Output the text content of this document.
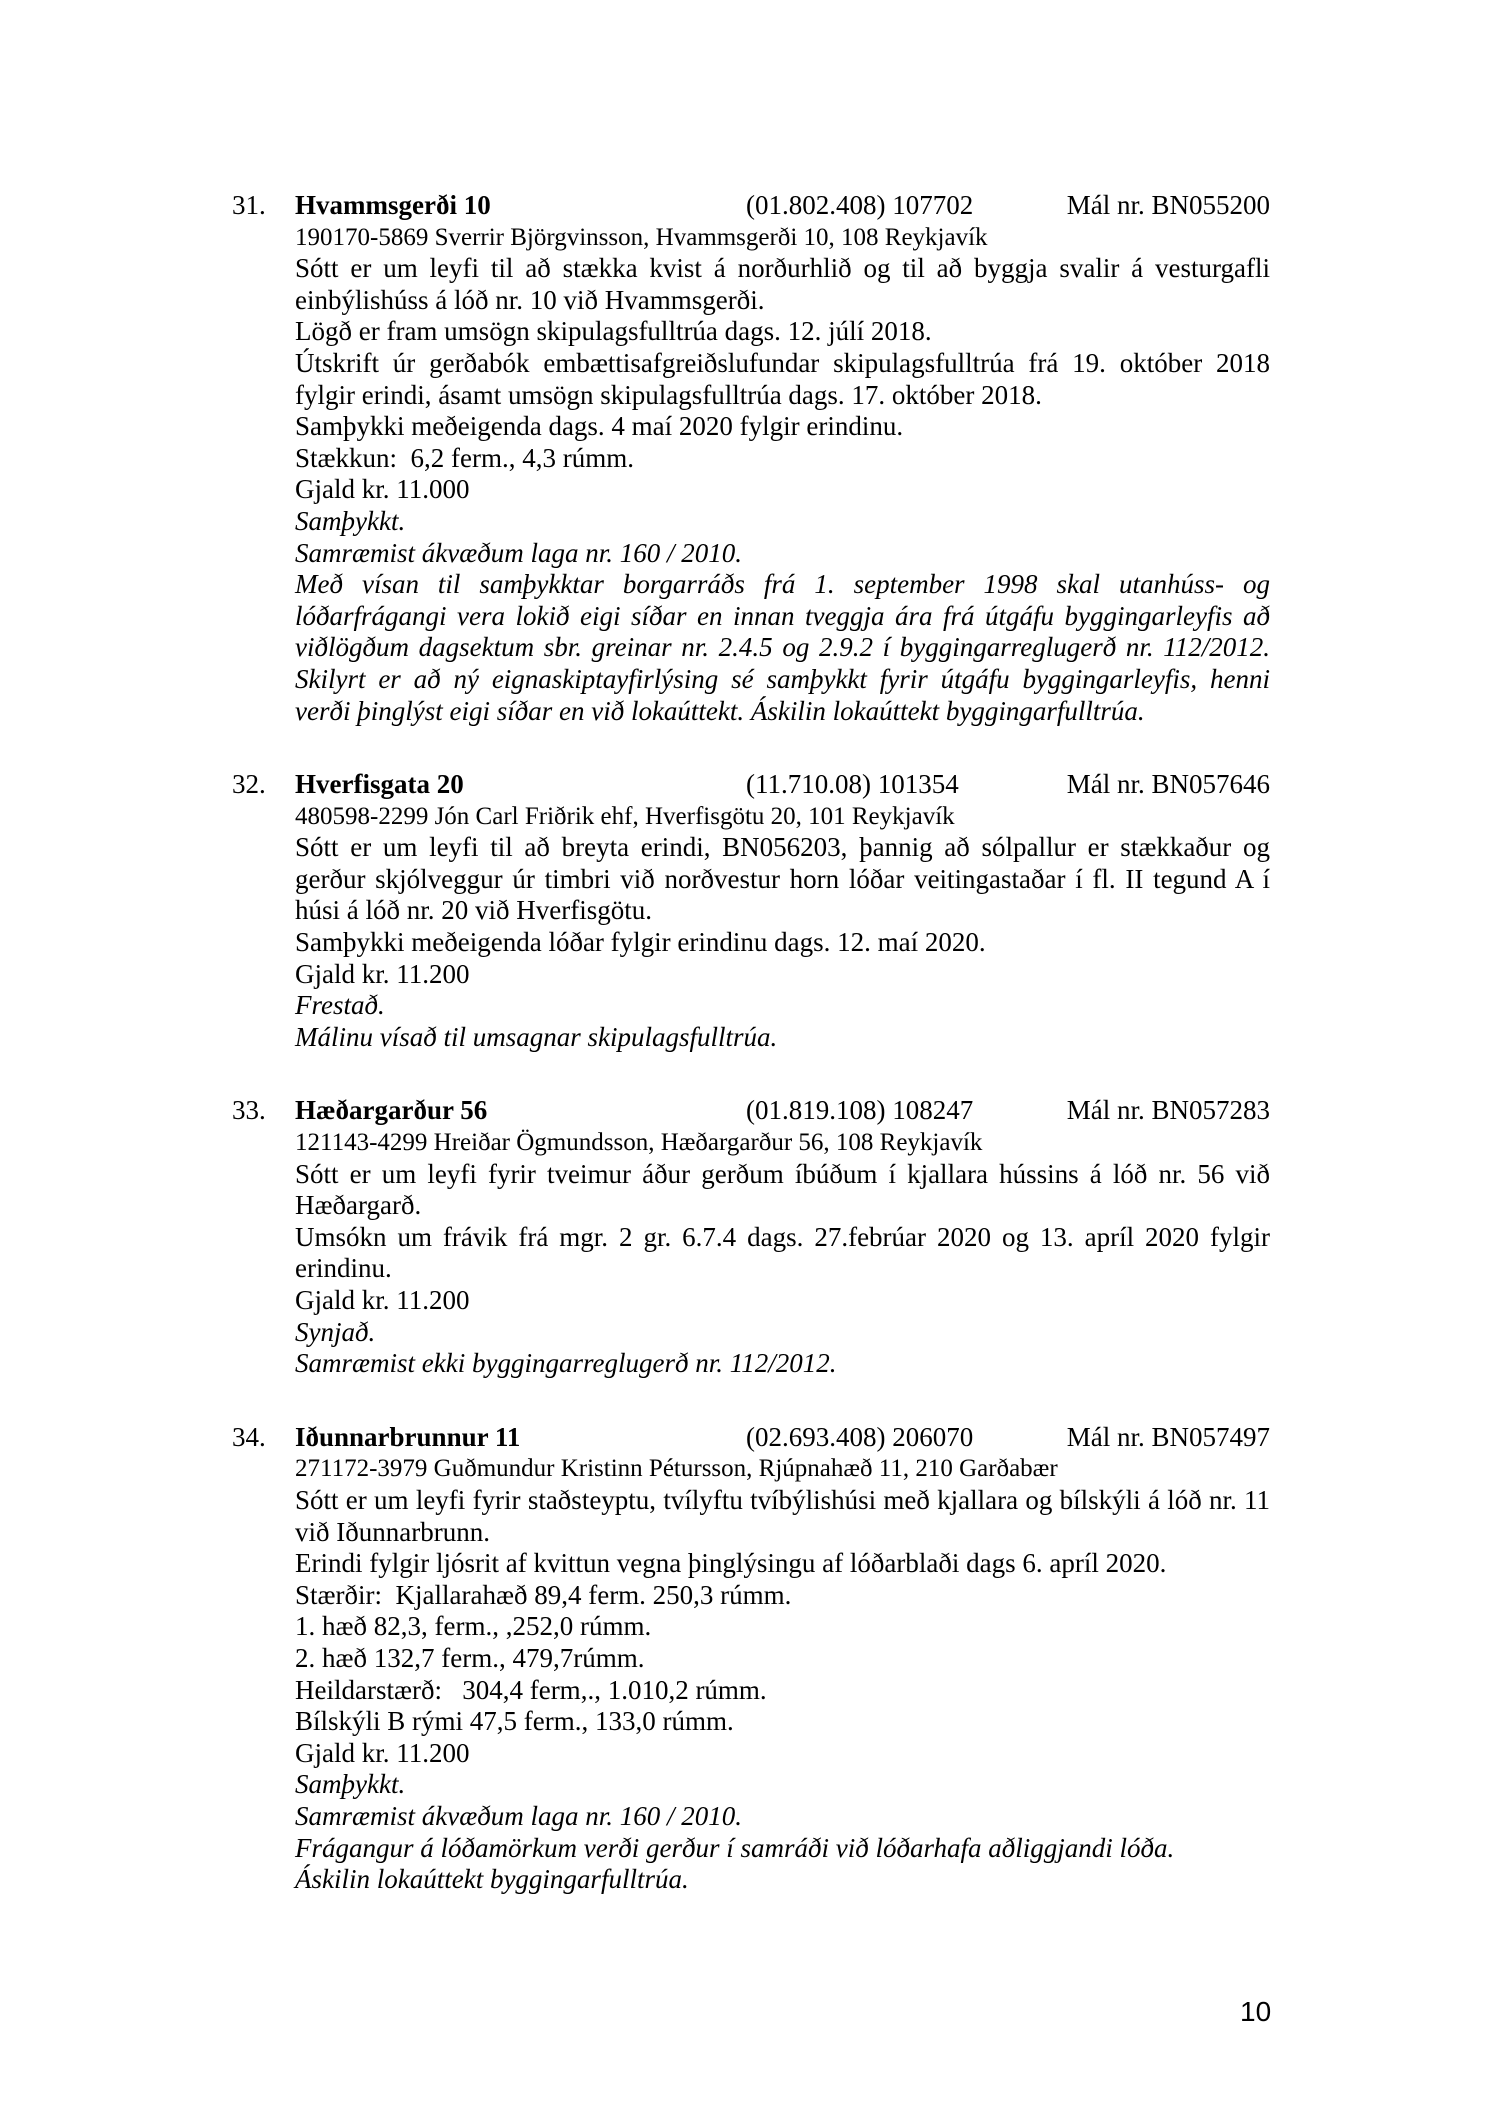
31. Hvammsgerði 10	(01.802.408) 107702	Mál nr. BN055200

190170-5869 Sverrir Björgvinsson, Hvammsgerði 10, 108 Reykjavík

Sótt er um leyfi til að stækka kvist á norðurhlið og til að byggja svalir á vesturgafli einbýlishúss á lóð nr. 10 við Hvammsgerði.

Lögð er fram umsögn skipulagsfulltrúa dags. 12. júlí 2018.

Útskrift úr gerðabók embættisafgreiðslufundar skipulagsfulltrúa frá 19. október 2018 fylgir erindi, ásamt umsögn skipulagsfulltrúa dags. 17. október 2018.

Samþykki meðeigenda dags. 4 maí 2020 fylgir erindinu.

Stækkun:  6,2 ferm., 4,3 rúmm.

Gjald kr. 11.000

Samþykkt.

Samræmist ákvæðum laga nr. 160 / 2010.

Með vísan til samþykktar borgarráðs frá 1. september 1998 skal utanhúss- og lóðarfrágangi vera lokið eigi síðar en innan tveggja ára frá útgáfu byggingarleyfis að viðlögðum dagsektum sbr. greinar nr. 2.4.5 og 2.9.2 í byggingarreglugerð nr. 112/2012. Skilyrt er að ný eignaskiptayfirlýsing sé samþykkt fyrir útgáfu byggingarleyfis, henni verði þinglýst eigi síðar en við lokaúttekt. Áskilin lokaúttekt byggingarfulltrúa.

32. Hverfisgata 20	(11.710.08) 101354	Mál nr. BN057646

480598-2299 Jón Carl Friðrik ehf, Hverfisgötu 20, 101 Reykjavík

Sótt er um leyfi til að breyta erindi, BN056203, þannig að sólpallur er stækkaður og gerður skjólveggur úr timbri við norðvestur horn lóðar veitingastaðar í fl. II tegund A í húsi á lóð nr. 20 við Hverfisgötu.

Samþykki meðeigenda lóðar fylgir erindinu dags. 12. maí 2020.

Gjald kr. 11.200

Frestað.

Málinu vísað til umsagnar skipulagsfulltrúa.

33. Hæðargarður 56	(01.819.108) 108247	Mál nr. BN057283

121143-4299 Hreiðar Ögmundsson, Hæðargarður 56, 108 Reykjavík

Sótt er um leyfi fyrir tveimur áður gerðum íbúðum í kjallara hússins á lóð nr. 56 við Hæðargarð.

Umsókn um frávik frá mgr. 2 gr. 6.7.4 dags. 27.febrúar 2020 og 13. apríl 2020 fylgir erindinu.

Gjald kr. 11.200

Synjað.

Samræmist ekki byggingarreglugerð nr. 112/2012.

34. Iðunnarbrunnur 11	(02.693.408) 206070	Mál nr. BN057497

271172-3979 Guðmundur Kristinn Pétursson, Rjúpnahæð 11, 210 Garðabær

Sótt er um leyfi fyrir staðsteyptu, tvílyftu tvíbýlishúsi með kjallara og bílskýli á lóð nr. 11 við Iðunnarbrunn.

Erindi fylgir ljósrit af kvittun vegna þinglýsingu af lóðarblaði dags 6. apríl 2020.

Stærðir:  Kjallarahæð 89,4 ferm. 250,3 rúmm.

1. hæð 82,3, ferm., ,252,0 rúmm.

2. hæð 132,7 ferm., 479,7rúmm.

Heildarstærð:   304,4 ferm,., 1.010,2 rúmm.

Bílskýli B rými 47,5 ferm., 133,0 rúmm.

Gjald kr. 11.200

Samþykkt.

Samræmist ákvæðum laga nr. 160 / 2010.

Frágangur á lóðamörkum verði gerður í samráði við lóðarhafa aðliggjandi lóða.

Áskilin lokaúttekt byggingarfulltrúa.

10
